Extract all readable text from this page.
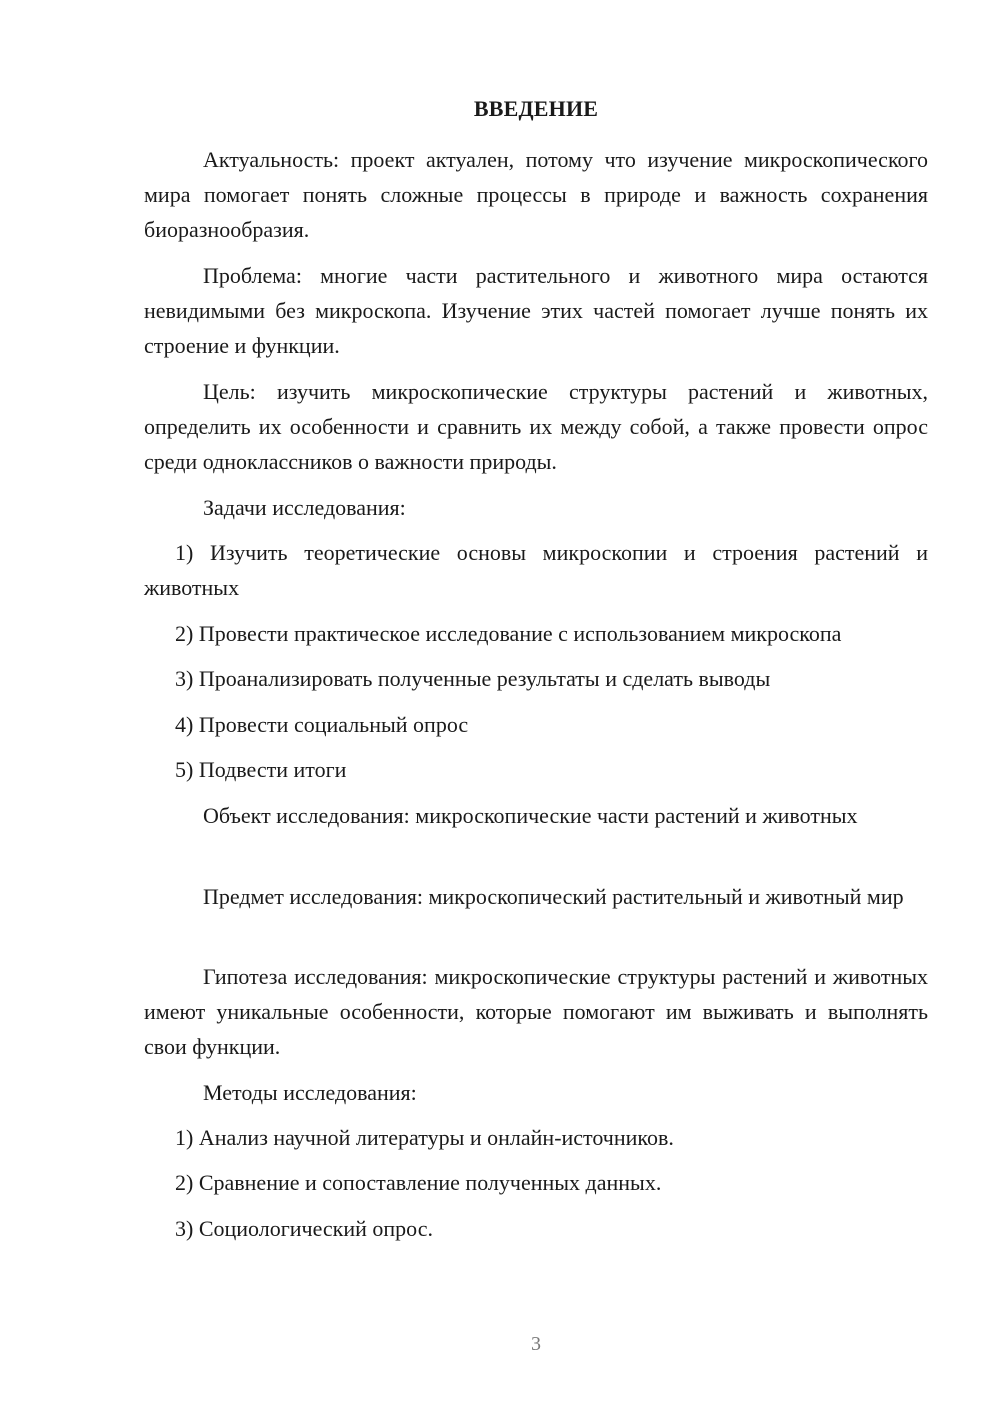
ВВЕДЕНИЕ
Актуальность: проект актуален, потому что изучение микроскопического мира помогает понять сложные процессы в природе и важность сохранения биоразнообразия.
Проблема: многие части растительного и животного мира остаются невидимыми без микроскопа. Изучение этих частей помогает лучше понять их строение и функции.
Цель: изучить микроскопические структуры растений и животных, определить их особенности и сравнить их между собой, а также провести опрос среди одноклассников о важности природы.
Задачи исследования:
1) Изучить теоретические основы микроскопии и строения растений и животных
2) Провести практическое исследование с использованием микроскопа
3) Проанализировать полученные результаты и сделать выводы
4) Провести социальный опрос
5) Подвести итоги
Объект исследования: микроскопические части растений и животных
Предмет исследования: микроскопический растительный и животный мир
Гипотеза исследования: микроскопические структуры растений и животных имеют уникальные особенности, которые помогают им выживать и выполнять свои функции.
Методы исследования:
1) Анализ научной литературы и онлайн-источников.
2) Сравнение и сопоставление полученных данных.
3) Социологический опрос.
3
